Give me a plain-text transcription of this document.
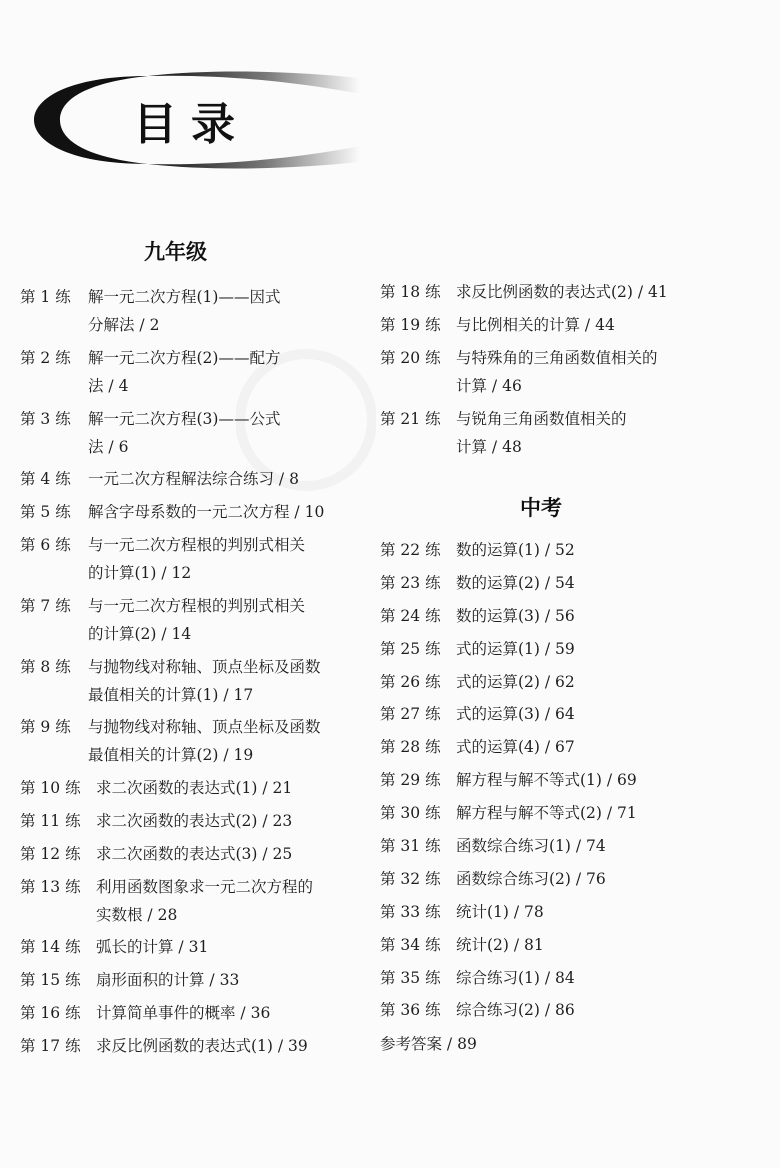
目录
九年级
第 1 练 解一元二次方程(1)——因式
分解法 / 2
第 2 练 解一元二次方程(2)——配方
法 / 4
第 3 练 解一元二次方程(3)——公式
法 / 6
第 4 练 一元二次方程解法综合练习 / 8
第 5 练 解含字母系数的一元二次方程 / 10
第 6 练 与一元二次方程根的判别式相关
的计算(1) / 12
第 7 练 与一元二次方程根的判别式相关
的计算(2) / 14
第 8 练 与抛物线对称轴、顶点坐标及函数
最值相关的计算(1) / 17
第 9 练 与抛物线对称轴、顶点坐标及函数
最值相关的计算(2) / 19
第 10 练 求二次函数的表达式(1) / 21
第 11 练 求二次函数的表达式(2) / 23
第 12 练 求二次函数的表达式(3) / 25
第 13 练 利用函数图象求一元二次方程的
实数根 / 28
第 14 练 弧长的计算 / 31
第 15 练 扇形面积的计算 / 33
第 16 练 计算简单事件的概率 / 36
第 17 练 求反比例函数的表达式(1) / 39
第 18 练 求反比例函数的表达式(2) / 41
第 19 练 与比例相关的计算 / 44
第 20 练 与特殊角的三角函数值相关的
计算 / 46
第 21 练 与锐角三角函数值相关的
计算 / 48
中考
第 22 练 数的运算(1) / 52
第 23 练 数的运算(2) / 54
第 24 练 数的运算(3) / 56
第 25 练 式的运算(1) / 59
第 26 练 式的运算(2) / 62
第 27 练 式的运算(3) / 64
第 28 练 式的运算(4) / 67
第 29 练 解方程与解不等式(1) / 69
第 30 练 解方程与解不等式(2) / 71
第 31 练 函数综合练习(1) / 74
第 32 练 函数综合练习(2) / 76
第 33 练 统计(1) / 78
第 34 练 统计(2) / 81
第 35 练 综合练习(1) / 84
第 36 练 综合练习(2) / 86
参考答案 / 89
